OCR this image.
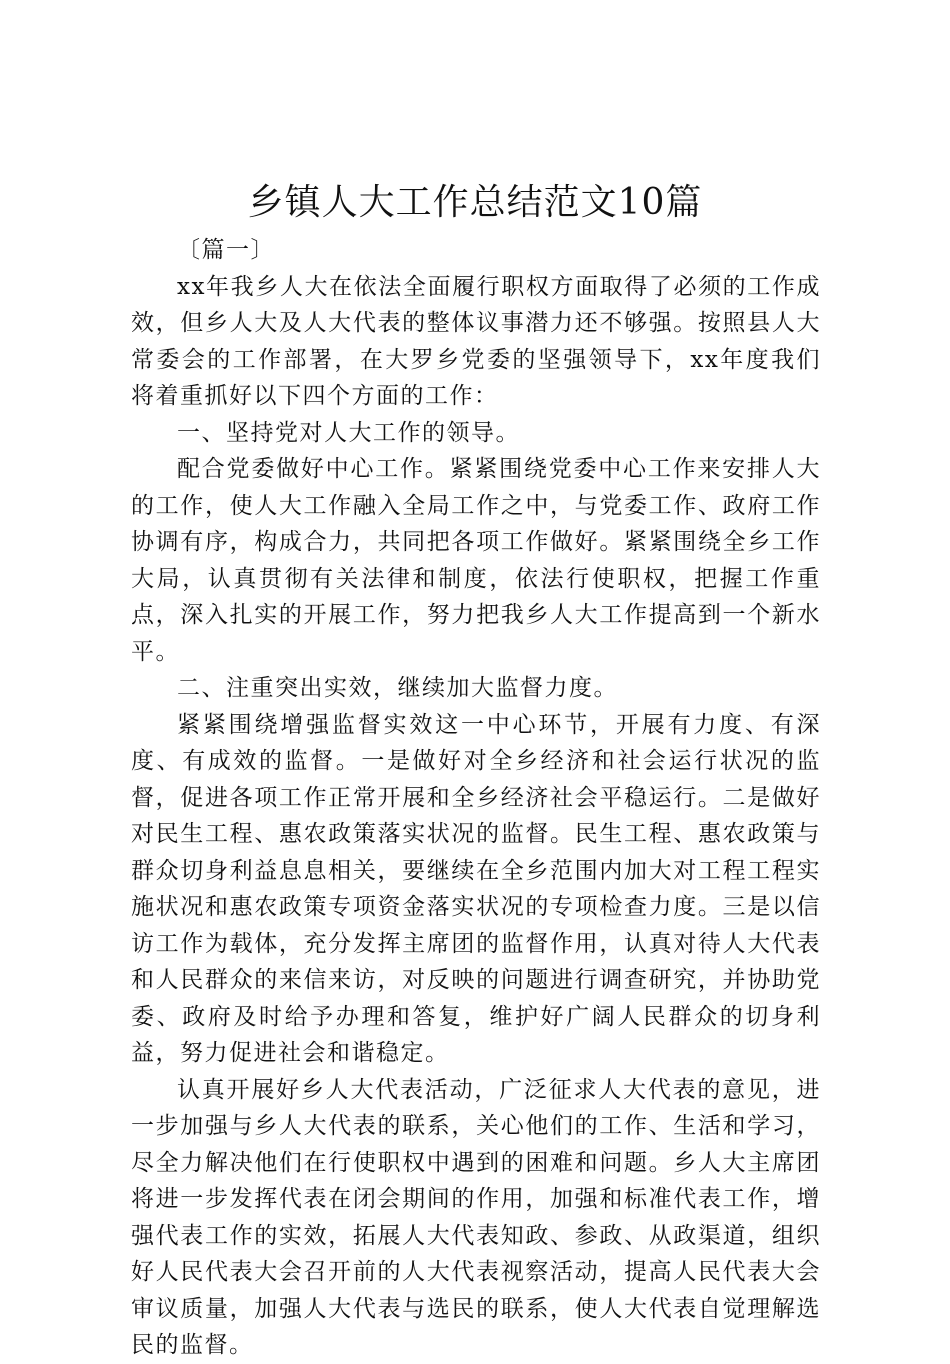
乡镇人大工作总结范文10篇

〔篇一〕

xx年我乡人大在依法全面履行职权方面取得了必须的工作成效，但乡人大及人大代表的整体议事潜力还不够强。按照县人大常委会的工作部署，在大罗乡党委的坚强领导下，xx年度我们将着重抓好以下四个方面的工作：

一、坚持党对人大工作的领导。

配合党委做好中心工作。紧紧围绕党委中心工作来安排人大的工作，使人大工作融入全局工作之中，与党委工作、政府工作协调有序，构成合力，共同把各项工作做好。紧紧围绕全乡工作大局，认真贯彻有关法律和制度，依法行使职权，把握工作重点，深入扎实的开展工作，努力把我乡人大工作提高到一个新水平。

二、注重突出实效，继续加大监督力度。

紧紧围绕增强监督实效这一中心环节，开展有力度、有深度、有成效的监督。一是做好对全乡经济和社会运行状况的监督，促进各项工作正常开展和全乡经济社会平稳运行。二是做好对民生工程、惠农政策落实状况的监督。民生工程、惠农政策与群众切身利益息息相关，要继续在全乡范围内加大对工程工程实施状况和惠农政策专项资金落实状况的专项检查力度。三是以信访工作为载体，充分发挥主席团的监督作用，认真对待人大代表和人民群众的来信来访，对反映的问题进行调查研究，并协助党委、政府及时给予办理和答复，维护好广阔人民群众的切身利益，努力促进社会和谐稳定。

认真开展好乡人大代表活动，广泛征求人大代表的意见，进一步加强与乡人大代表的联系，关心他们的工作、生活和学习，尽全力解决他们在行使职权中遇到的困难和问题。乡人大主席团将进一步发挥代表在闭会期间的作用，加强和标准代表工作，增强代表工作的实效，拓展人大代表知政、参政、从政渠道，组织好人民代表大会召开前的人大代表视察活动，提高人民代表大会审议质量，加强人大代表与选民的联系，使人大代表自觉理解选民的监督。
